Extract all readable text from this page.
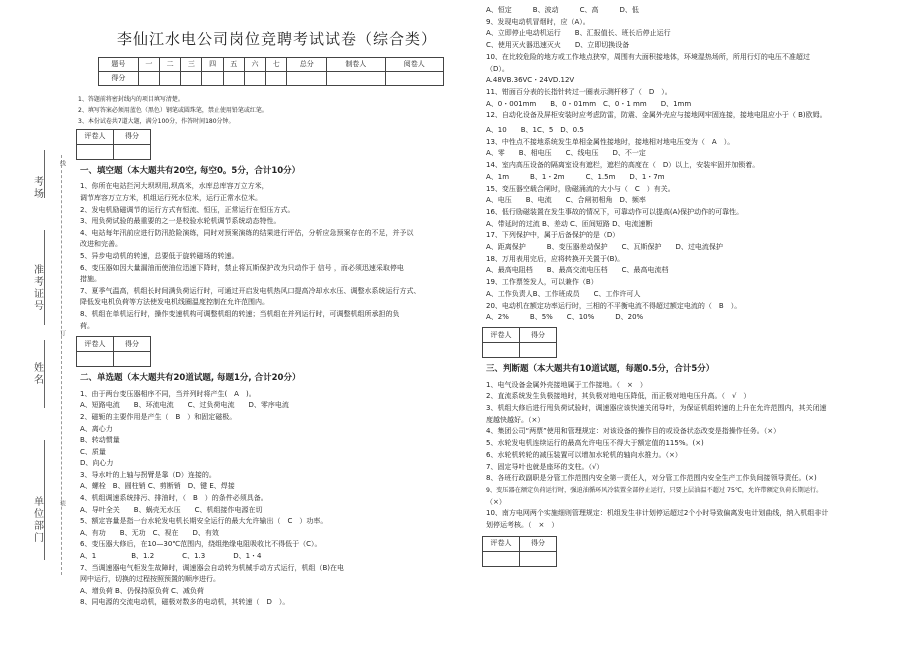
考场
准考证号
姓名
单位部门
线
订
装
李仙江水电公司岗位竞聘考试试卷（综合类）
题号	一	二	三	四	五	六	七	总分	制卷人	阅卷人
得分										
1、答题前将密封线内的项目填写清楚。
2、填写答案必须用蓝色（黑色）钢笔或圆珠笔，禁止使用铅笔或红笔。
3、本份试卷共7道大题，满分100分，作答时间180分钟。
评卷人	得分

一、填空题（本大题共有20空, 每空0。5分，合计10分）
1、你所在电站拦河大坝坝用,坝高米，水库总库容万立方米，
调节库容万立方米，机组运行死水位米，运行正常水位米。
2、发电机励磁调节的运行方式有恒流、恒压，正常运行在恒压方式。
3、甩负荷试验的最重要的之一是校验水轮机调节系统动态特性。
4、电站每年汛前应进行防汛抢险演练，同时对预案演练的结果进行评估，分析应急预案存在的不足，并予以
改进和完善。
5、异步电动机的转速，总要低于旋转磁场的转速。
6、变压器如因大量漏油而使油位迅速下降时，禁止将瓦斯保护改为只动作于 信号 ，而必须迅速采取停电
措施。
7、夏季气温高，机组长时间满负荷运行时，可通过开启发电机热风口提高冷却水水压、调整水系统运行方式、
降低发电机负荷等方法使发电机线圈温度控制在允许范围内。
8、机组在单机运行时，操作变速机构可调整机组的转速；当机组在并列运行时，可调整机组所承担的负
荷。
评卷人	得分

二、单选题（本大题共有20道试题, 每题1分, 合计20分）
1、由于两台变压器相序不同，当并列时将产生(　A　)。
A、短路电流　　B、环流电流　　C、过负荷电流　　D、零序电流
2、磁轭的主要作用是产生（　B　）和固定磁极。
A、离心力
B、转动惯量
C、质量
D、向心力
3、导水叶的上轴与拐臂是靠（D）连接的。
A、螺栓　B、圆柱销 C、剪断销　D、键 E、焊接
4、机组调速系统排污、排油时，（　B　）的条件必须具备。
A、导叶全关　　B、蜗壳无水压　　C、机组接作电源在切
5、额定容量是指一台水轮发电机长期安全运行的最大允许输出（　C　）功率。
A、有功　　B、无功　C、视在　　D、有效
6、变压器大修后，在10—30℃范围内，绕组绝缘电阻吸收比不得低于（C）。
A、1　　　　　B、1.2　　　　C、1.3　　　　D、1・4
7、当调速器电气柜发生故障时，调速器会自动转为机械手动方式运行，机组（B)在电
网中运行，切换的过程按照预置的顺序进行。
A、增负荷 B、仍保持原负荷 C、减负荷
8、同电源的交流电动机，磁极对数多的电动机，其转速（　D　）。
A、恒定　　　B、波动　　　C、高　　　D、低
9、发现电动机冒烟时，应（A）。
A、立即停止电动机运行　　B、汇报值长、班长后停止运行
C、使用灭火器迅速灭火　　D、立即切换设备
10、在比较危险的地方或工作地点狭窄，周围有大面积接地体，环境湿热场所，所用行灯的电压不准超过
（D）。
A.48VB.36VC・24VD.12V
11、钳面百分表的长指针转过一圈表示测杆移了（　D　）。
A、0・001mm　　B、0・01mm　C、0・1 mm　　D、1mm
12、自动化设备及屏柜安装时应考虑防雷，防震、金属外壳应与接地网牢固连接，接地电阻应小于（ B)欧姆。
A、10　　B、1C、5　D、0.5
13、中性点不接地系统发生单相金属性接地时，接地相对地电压变为（　A　）。
A、零　　B、相电压　　C、线电压　　D、不一定
14、室内高压设备的隔离室设有遮栏，遮栏的高度在（　D）以上，安装牢固并加锁着。
A、1m　　　B、1・2m　　　C、1.5m　　D、1・7m
15、变压器空载合闸时，励磁涌流的大小与（　C　）有关。
A、电压　　B、电流　　C、合闸初相角　D、频率
16、低行励磁装置在发生事故的情况下，可靠动作可以提高(A)保护动作的可靠性。
A、带延时的过流 B、差动 C、匝间短路 D、电流速断
17、下列保护中，属于后备保护的是（D）
A、距离保护　　　B、变压器差动保护　　C、瓦斯保护　　D、过电流保护
18、万用表用完后，应将转换开关置于(B)。
A、最高电阻档　　B、最高交流电压档　　C、最高电流档
19、工作票签发人，可以兼作（B）
A、工作负责人B、工作班成员　　C、工作许可人
20、电动机在额定功率运行时，三相的不平衡电流不得超过额定电流的（　B　）。
A、2%　　　B、5%　　C、10%　　　D、20%
评卷人	得分

三、判断题（本大题共有10道试题，每题0.5分，合计5分）
1、电气设备金属外壳接地属于工作接地。（　×　）
2、直流系统发生负极接地时，其负极对地电压降低，而正极对地电压升高。（　√　）
3、机组大修后进行甩负荷试验时，调速器应该快速关闭导叶，为保证机组转速的上升在允许范围内，其关闭速
度越快越好。（×）
4、集团公司“两票”使用和管理规定：对该设备的操作目的或设备状态改变是指操作任务。（×）
5、水轮发电机连续运行的最高允许电压不得大于额定值的115%。(×)
6、水轮机转轮的减压装置可以增加水轮机的轴向水推力。（×）
7、固定导叶也就是座环的支柱。（√）
8、各班行政副职是分管工作范围内安全第一责任人，对分管工作范围内安全生产工作负间接领导责任。(×)
9、变压器在额定负荷运行时，强迫油循环风冷装置全部停止运行，只要上层油温不超过 75℃，允许带额定负荷长期运行。
（×）
10、南方电网两个实施细则管理规定：机组发生非计划停运超过2个小时导致偏离发电计划曲线，纳入机组非计
划停运考核。（　×　）
评卷人	得分
